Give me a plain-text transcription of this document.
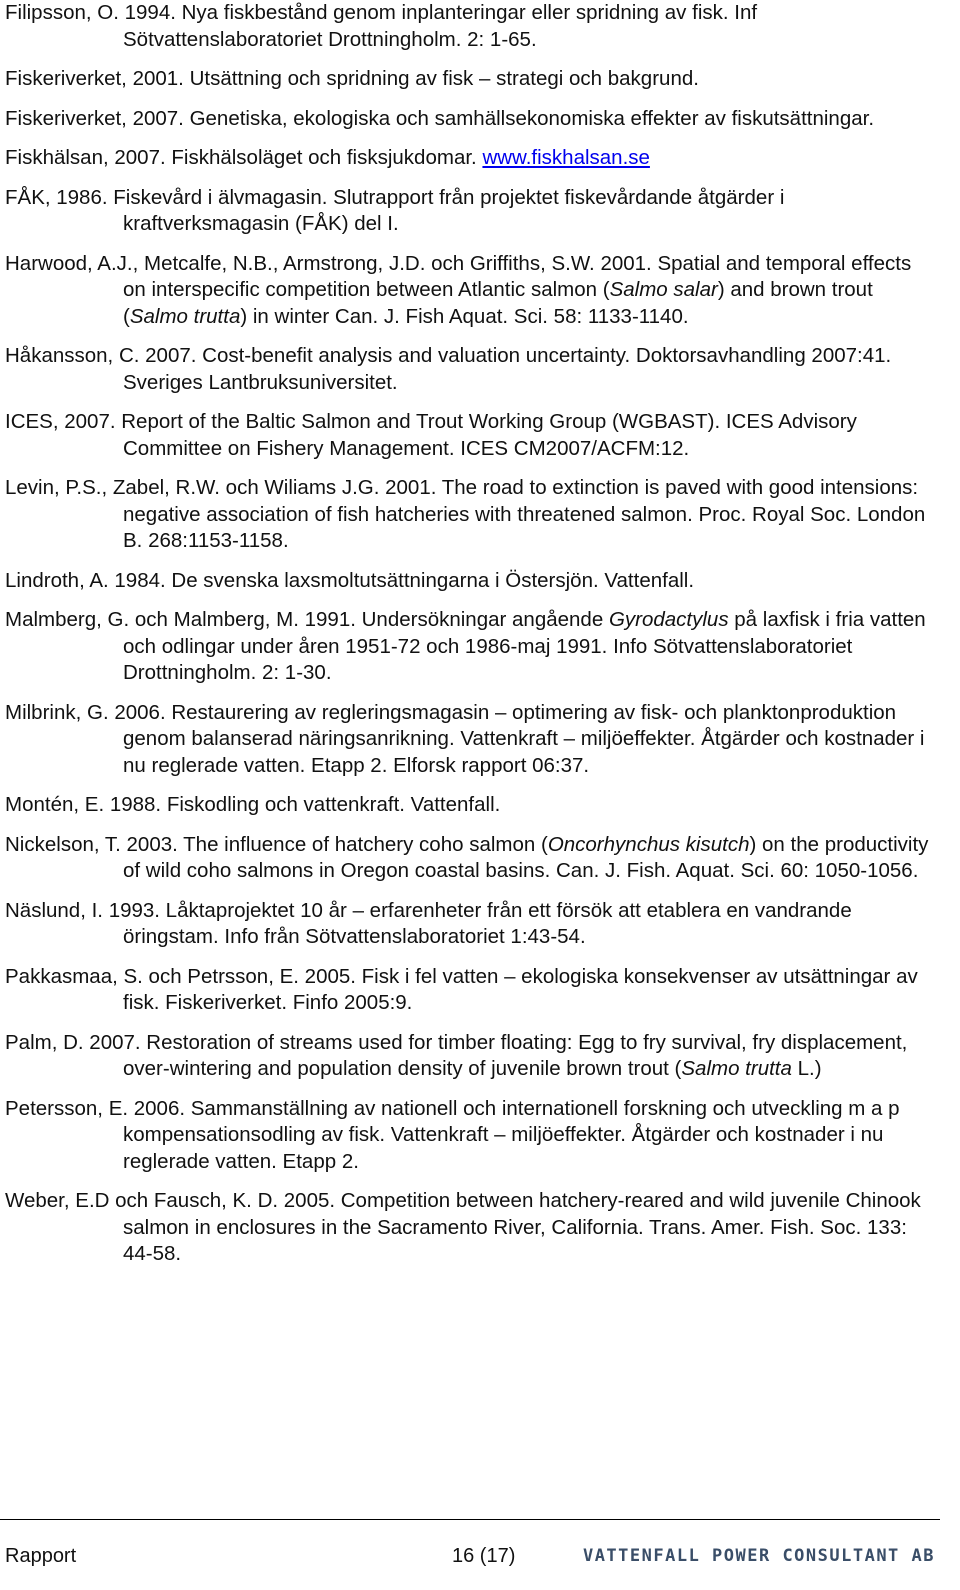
Filipsson, O. 1994. Nya fiskbestånd genom inplanteringar eller spridning av fisk. Inf Sötvattenslaboratoriet Drottningholm. 2: 1-65.

Fiskeriverket, 2001. Utsättning och spridning av fisk – strategi och bakgrund.

Fiskeriverket, 2007. Genetiska, ekologiska och samhällsekonomiska effekter av fiskutsättningar.

Fiskhälsan, 2007. Fiskhälsoläget och fisksjukdomar. www.fiskhalsan.se

FÅK, 1986. Fiskevård i älvmagasin. Slutrapport från projektet fiskevårdande åtgärder i kraftverksmagasin (FÅK) del I.

Harwood, A.J., Metcalfe, N.B., Armstrong, J.D. och Griffiths, S.W. 2001. Spatial and temporal effects on interspecific competition between Atlantic salmon (Salmo salar) and brown trout (Salmo trutta) in winter Can. J. Fish Aquat. Sci. 58: 1133-1140.

Håkansson, C. 2007. Cost-benefit analysis and valuation uncertainty. Doktorsavhandling 2007:41. Sveriges Lantbruksuniversitet.

ICES, 2007. Report of the Baltic Salmon and Trout Working Group (WGBAST). ICES Advisory Committee on Fishery Management. ICES CM2007/ACFM:12.

Levin, P.S., Zabel, R.W. och Wiliams J.G. 2001. The road to extinction is paved with good intensions: negative association of fish hatcheries with threatened salmon. Proc. Royal Soc. London B. 268:1153-1158.

Lindroth, A. 1984. De svenska laxsmoltutsättningarna i Östersjön. Vattenfall.

Malmberg, G. och Malmberg, M. 1991. Undersökningar angående Gyrodactylus på laxfisk i fria vatten och odlingar under åren 1951-72 och 1986-maj 1991. Info Sötvattenslaboratoriet Drottningholm. 2: 1-30.

Milbrink, G. 2006. Restaurering av regleringsmagasin – optimering av fisk- och planktonproduktion genom balanserad näringsanrikning. Vattenkraft – miljöeffekter. Åtgärder och kostnader i nu reglerade vatten. Etapp 2. Elforsk rapport 06:37.

Montén, E. 1988. Fiskodling och vattenkraft. Vattenfall.

Nickelson, T. 2003. The influence of hatchery coho salmon (Oncorhynchus kisutch) on the productivity of wild coho salmons in Oregon coastal basins. Can. J. Fish. Aquat. Sci. 60: 1050-1056.

Näslund, I. 1993. Låktaprojektet 10 år – erfarenheter från ett försök att etablera en vandrande öringstam. Info från Sötvattenslaboratoriet 1:43-54.

Pakkasmaa, S. och Petrsson, E. 2005. Fisk i fel vatten – ekologiska konsekvenser av utsättningar av fisk. Fiskeriverket. Finfo 2005:9.

Palm, D. 2007. Restoration of streams used for timber floating: Egg to fry survival, fry displacement, over-wintering and population density of juvenile brown trout (Salmo trutta L.)

Petersson, E. 2006. Sammanställning av nationell och internationell forskning och utveckling m a p kompensationsodling av fisk. Vattenkraft – miljöeffekter. Åtgärder och kostnader i nu reglerade vatten. Etapp 2.

Weber, E.D och Fausch, K. D. 2005. Competition between hatchery-reared and wild juvenile Chinook salmon in enclosures in the Sacramento River, California. Trans. Amer. Fish. Soc. 133: 44-58.

Rapport	16 (17)	VATTENFALL POWER CONSULTANT AB
